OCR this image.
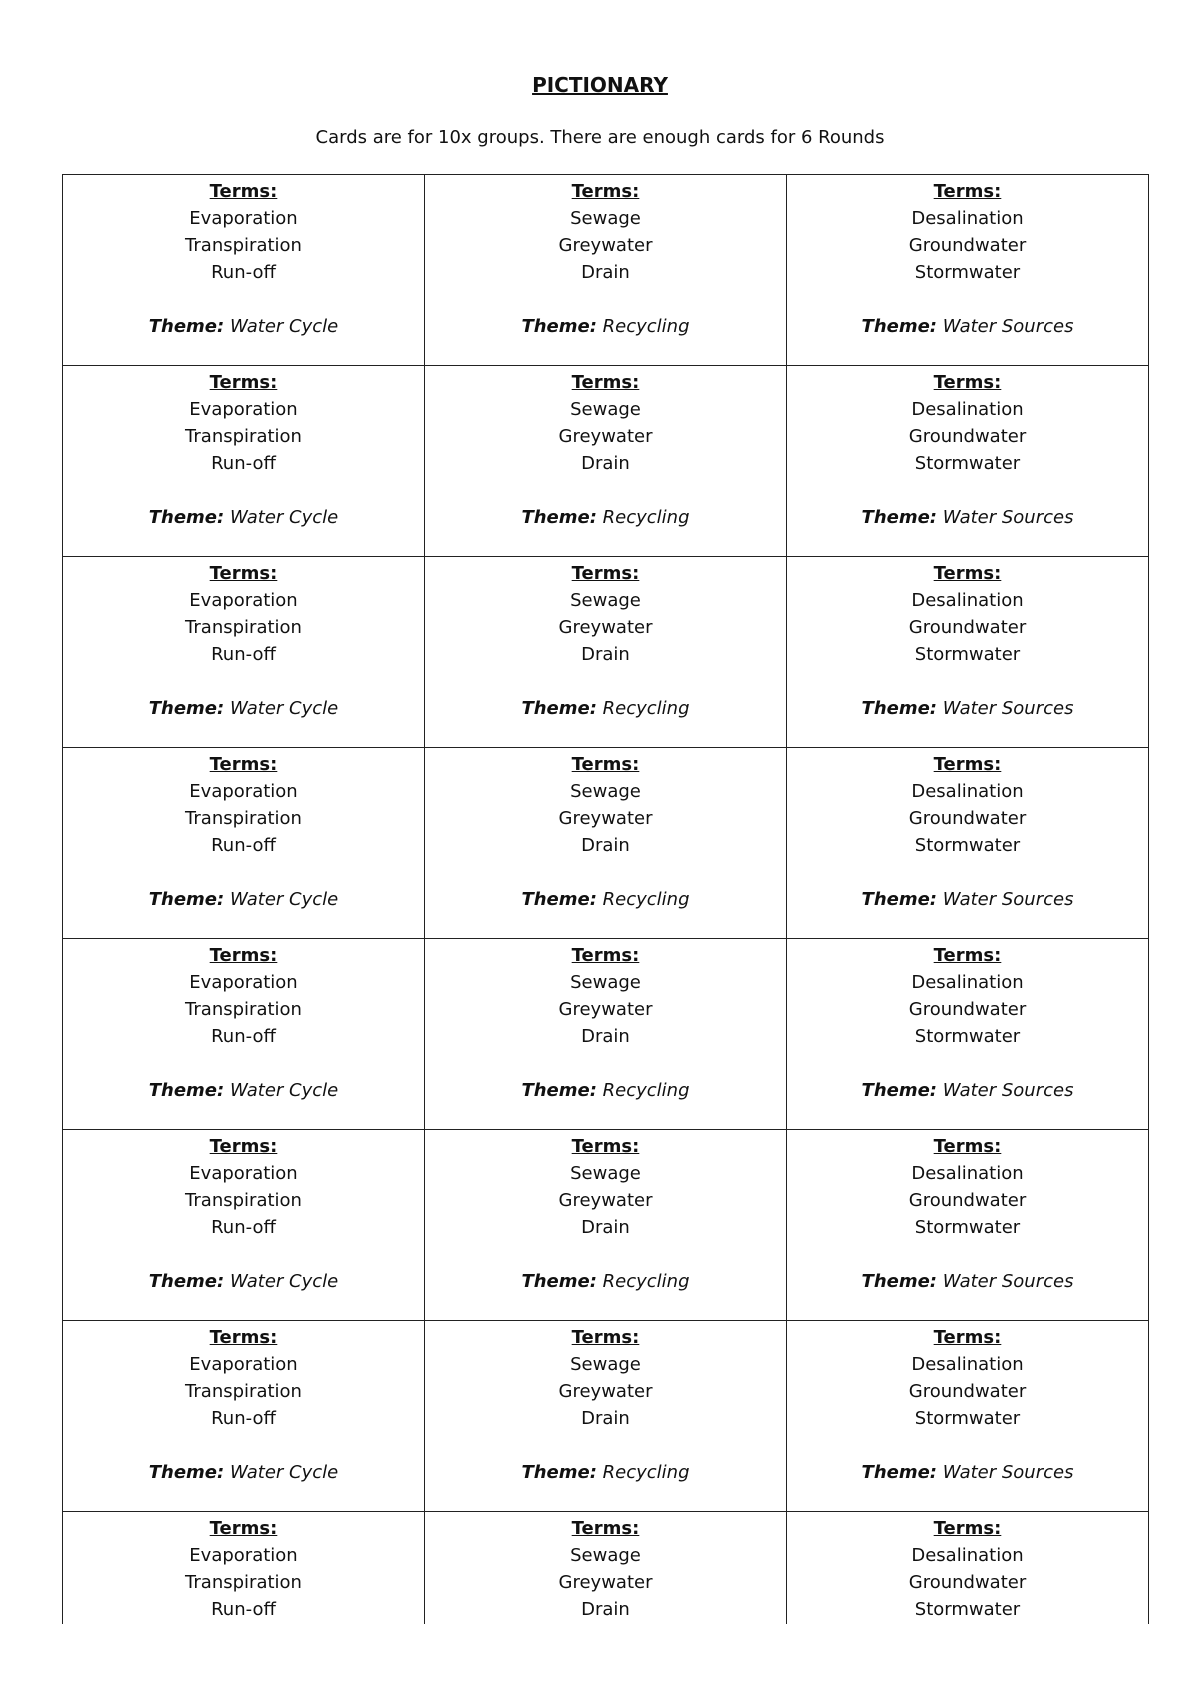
PICTIONARY
Cards are for 10x groups. There are enough cards for 6 Rounds
Terms:
Evaporation
Transpiration
Run-off
Theme: Water Cycle
Terms:
Sewage
Greywater
Drain
Theme: Recycling
Terms:
Desalination
Groundwater
Stormwater
Theme: Water Sources
Terms:
Evaporation
Transpiration
Run-off
Theme: Water Cycle
Terms:
Sewage
Greywater
Drain
Theme: Recycling
Terms:
Desalination
Groundwater
Stormwater
Theme: Water Sources
Terms:
Evaporation
Transpiration
Run-off
Theme: Water Cycle
Terms:
Sewage
Greywater
Drain
Theme: Recycling
Terms:
Desalination
Groundwater
Stormwater
Theme: Water Sources
Terms:
Evaporation
Transpiration
Run-off
Theme: Water Cycle
Terms:
Sewage
Greywater
Drain
Theme: Recycling
Terms:
Desalination
Groundwater
Stormwater
Theme: Water Sources
Terms:
Evaporation
Transpiration
Run-off
Theme: Water Cycle
Terms:
Sewage
Greywater
Drain
Theme: Recycling
Terms:
Desalination
Groundwater
Stormwater
Theme: Water Sources
Terms:
Evaporation
Transpiration
Run-off
Theme: Water Cycle
Terms:
Sewage
Greywater
Drain
Theme: Recycling
Terms:
Desalination
Groundwater
Stormwater
Theme: Water Sources
Terms:
Evaporation
Transpiration
Run-off
Theme: Water Cycle
Terms:
Sewage
Greywater
Drain
Theme: Recycling
Terms:
Desalination
Groundwater
Stormwater
Theme: Water Sources
Terms:
Evaporation
Transpiration
Run-off
Terms:
Sewage
Greywater
Drain
Terms:
Desalination
Groundwater
Stormwater
